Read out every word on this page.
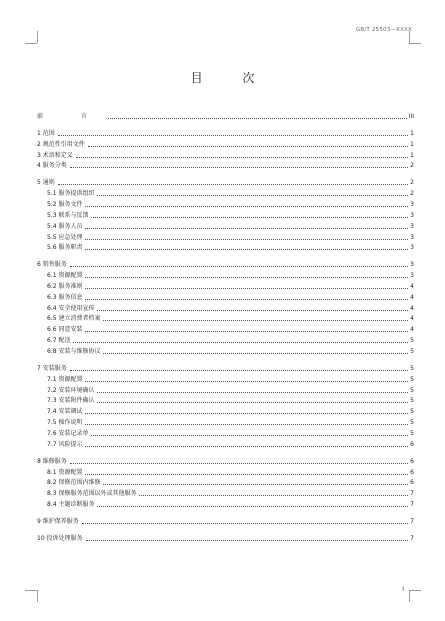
GB/T 25503—XXXX
目 次
前 言	III
1 范围	1
2 规范性引用文件	1
3 术语和定义	1
4 服务分类	2
5 通则	2
5.1 服务提供组织	2
5.2 服务文件	3
5.3 联系与反馈	3
5.4 服务人员	3
5.5 应急处理	3
5.6 服务职责	3
6 销售服务	3
6.1 资源配置	3
6.2 服务准则	4
6.3 服务信息	4
6.4 安全使用宣传	4
6.5 建立消费者档案	4
6.6 同意安装	4
6.7 配送	5
6.8 安装与维修协议	5
7 安装服务	5
7.1 资源配置	5
7.2 安装环境确认	5
7.3 安装附件确认	5
7.4 安装调试	5
7.5 操作说明	5
7.6 安装记录单	5
7.7 风险提示	6
8 维修服务	6
8.1 资源配置	6
8.2 保修范围内维修	6
8.3 保修服务范围以外或其他服务	7
8.4 主题诊断服务	7
9 维护保养服务	7
10 投诉处理服务	7
I
